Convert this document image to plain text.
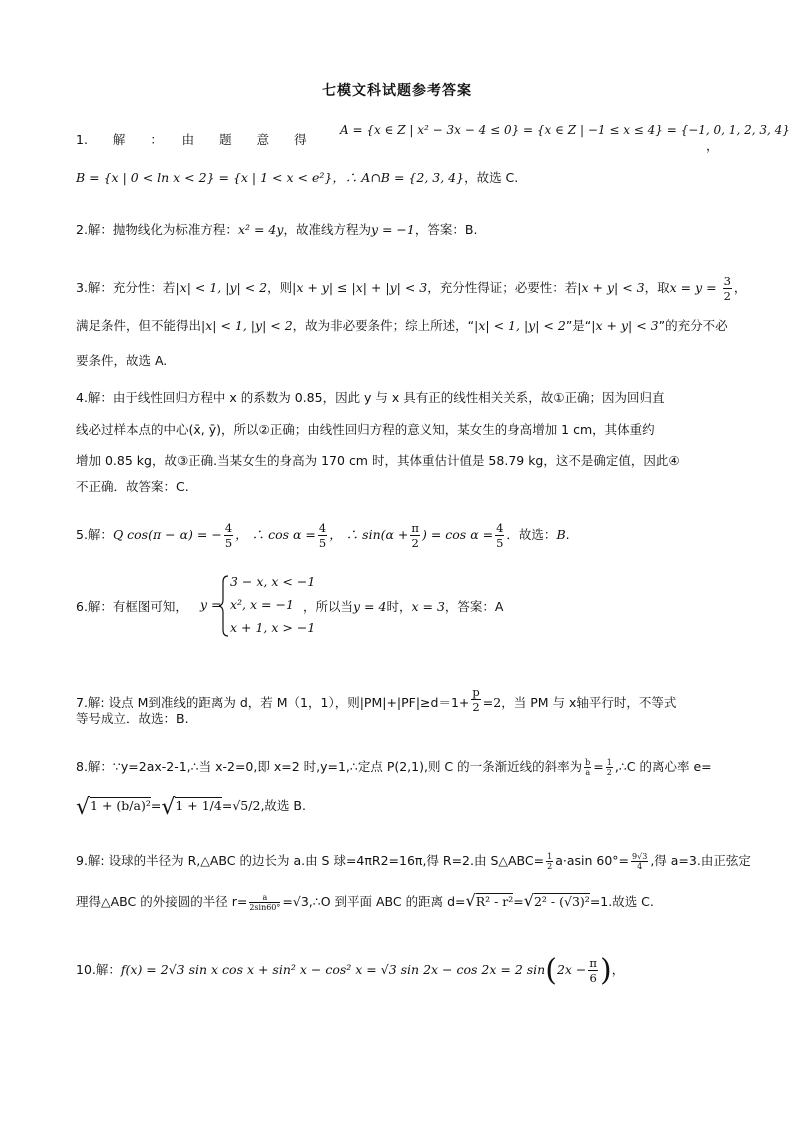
七模文科试题参考答案
1.　　解　　：　　由　　题　　意　　得
A = {x ∈ Z | x² − 3x − 4 ≤ 0} = {x ∈ Z | −1 ≤ x ≤ 4} = {−1, 0, 1, 2, 3, 4}
，
B = {x | 0 < ln x < 2} = {x | 1 < x < e²}，∴ A∩B = {2, 3, 4}，故选 C.
2.解：抛物线化为标准方程：x² = 4y，故准线方程为y = −1，答案：B.
3.解：充分性：若|x| < 1, |y| < 2，则|x + y| ≤ |x| + |y| < 3，充分性得证；必要性：若|x + y| < 3，取$x = y = \frac{3}{2}$ ，
满足条件，但不能得出|x| < 1, |y| < 2，故为非必要条件；综上所述，“|x| < 1, |y| < 2”是“|x + y| < 3”的充分不必
要条件，故选 A.
4.解：由于线性回归方程中 x 的系数为 0.85，因此 y 与 x 具有正的线性相关关系，故①正确；因为回归直
线必过样本点的中心(x̄, ȳ)，所以②正确；由线性回归方程的意义知，某女生的身高增加 1 cm，其体重约
增加 0.85 kg，故③正确.当某女生的身高为 170 cm 时，其体重估计值是 58.79 kg，这不是确定值，因此④
不正确．故答案：C.
5.解：Q cos(π − α) = − $\frac{4}{5}$ ， ∴ $\cos \alpha = \frac{4}{5}$ ， ∴ $\sin(\alpha + \frac{\pi}{2}$ ) = $\cos \alpha = \frac{4}{5}$ ．故选：B.
6.解：有框图可知， y =
3 − x, x < −1
x², x = −1
x + 1, x > −1
，所以当y = 4时，x = 3，答案：A
7.解: 设点 M到准线的距离为 d，若 M（1，1），则$|PM|+|PF|\ge d=1+ \frac{p}{2} =2$，当 PM 与 x轴平行时，不等式
等号成立．故选：B.
8.解：∵y=2ax-2-1,∴当 x-2=0,即 x=2 时,y=1,∴定点 P(2,1),则 C 的一条渐近线的斜率为 $\frac{b}{a} = \frac{1}{2}$ ,∴C 的离心率 e=
√1 + (b/a)²=√1 + 1/4=√5/2,故选 B.
9.解: 设球的半径为 R,△ABC 的边长为 a.由 S 球=4πR2=16π,得 R=2.由 S△ABC= $\frac{1}{2} a\cdot asin$ $60^\circ= \frac{9√3}{4}$ ,得 a=3.由正弦定
理得△ABC 的外接圆的半径 $r= \frac{a}{2\sin 60^\circ}$ =√3,∴O 到平面 ABC 的距离 d=√R² - r²=√2² - (√3)²=1.故选 C.
10.解：f(x) = 2√3 sin x cos x + sin² x − cos² x = √3 sin 2x − cos 2x = 2 $\sin(2x - \frac{\pi}{6}$ )，
